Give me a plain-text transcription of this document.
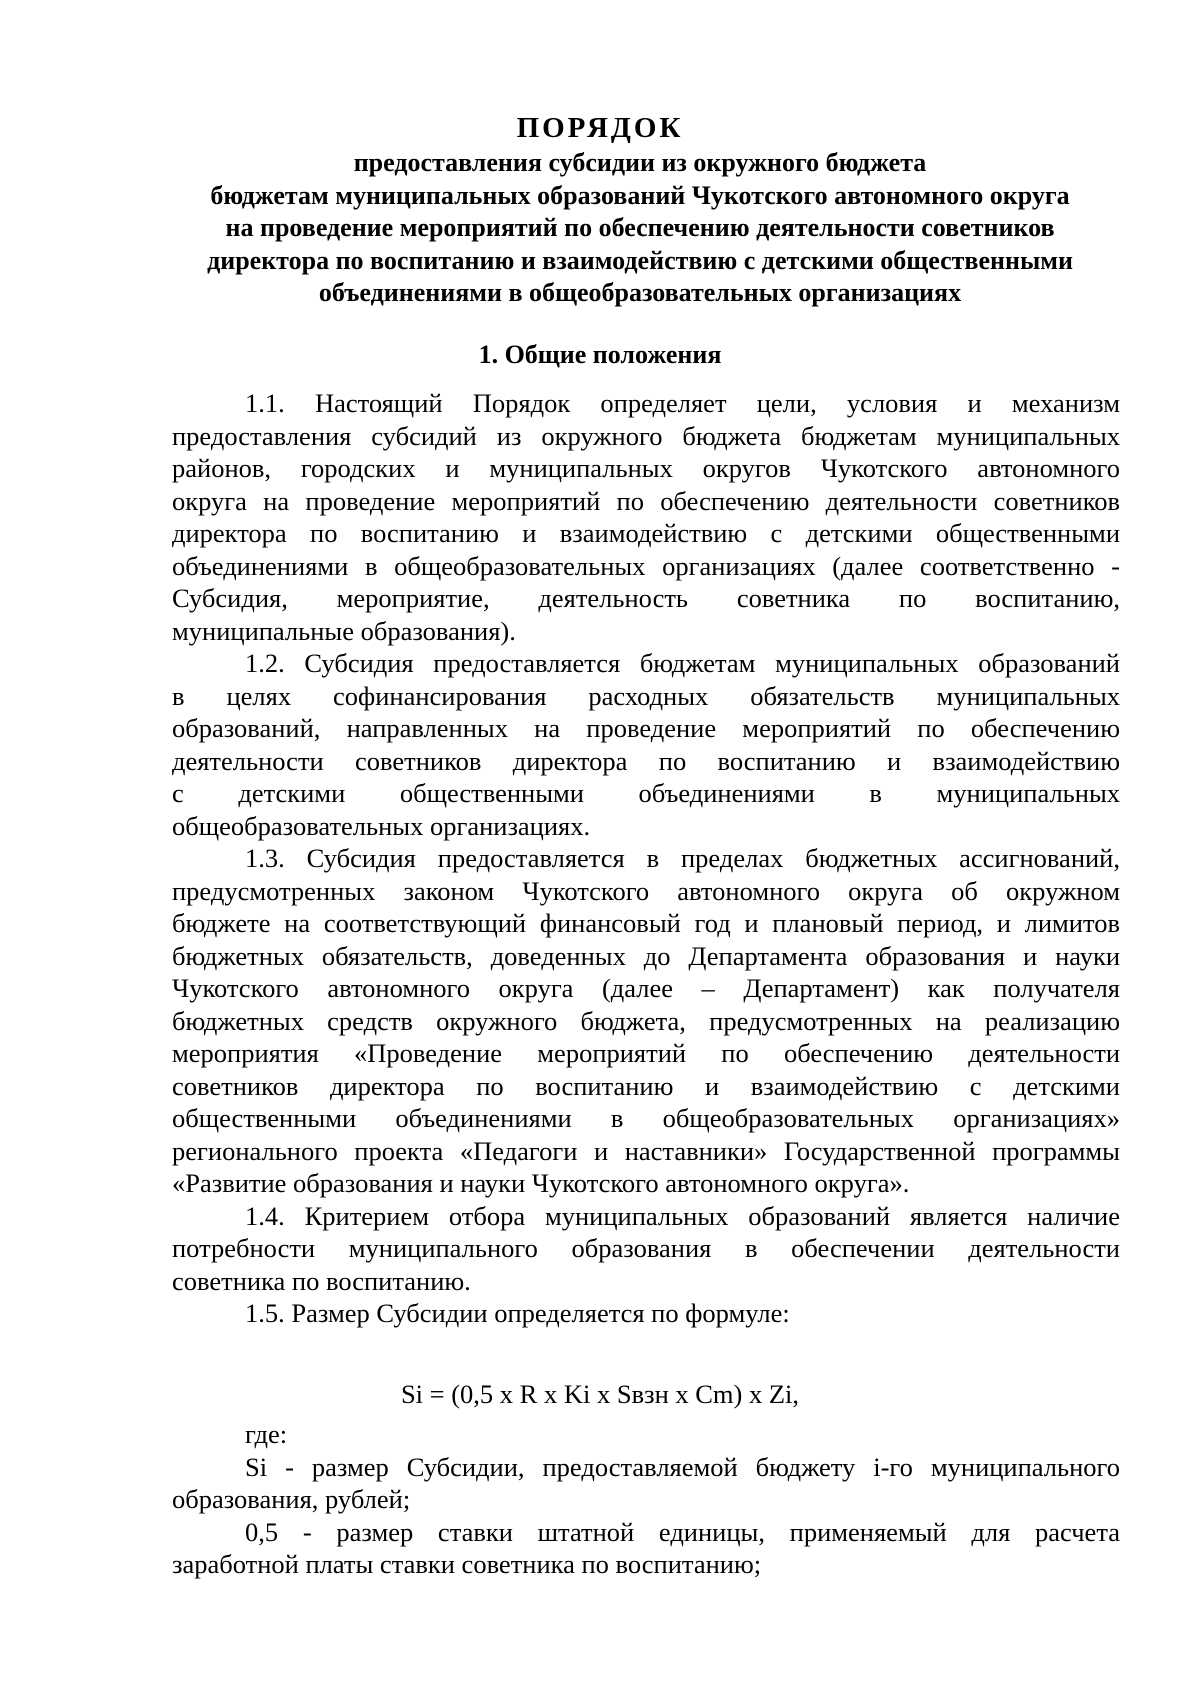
ПОРЯДОК
предоставления субсидии из окружного бюджета
бюджетам муниципальных образований Чукотского автономного округа
на проведение мероприятий по обеспечению деятельности советников
директора по воспитанию и взаимодействию с детскими общественными
объединениями в общеобразовательных организациях
1. Общие положения
1.1. Настоящий Порядок определяет цели, условия и механизм
предоставления субсидий из окружного бюджета бюджетам муниципальных
районов, городских и муниципальных округов Чукотского автономного
округа на проведение мероприятий по обеспечению деятельности советников
директора по воспитанию и взаимодействию с детскими общественными
объединениями в общеобразовательных организациях (далее соответственно -
Субсидия, мероприятие, деятельность советника по воспитанию,
муниципальные образования).
1.2. Субсидия предоставляется бюджетам муниципальных образований
в целях софинансирования расходных обязательств муниципальных
образований, направленных на проведение мероприятий по обеспечению
деятельности советников директора по воспитанию и взаимодействию
с детскими общественными объединениями в муниципальных
общеобразовательных организациях.
1.3. Субсидия предоставляется в пределах бюджетных ассигнований,
предусмотренных законом Чукотского автономного округа об окружном
бюджете на соответствующий финансовый год и плановый период, и лимитов
бюджетных обязательств, доведенных до Департамента образования и науки
Чукотского автономного округа (далее – Департамент) как получателя
бюджетных средств окружного бюджета, предусмотренных на реализацию
мероприятия «Проведение мероприятий по обеспечению деятельности
советников директора по воспитанию и взаимодействию с детскими
общественными объединениями в общеобразовательных организациях»
регионального проекта «Педагоги и наставники» Государственной программы
«Развитие образования и науки Чукотского автономного округа».
1.4. Критерием отбора муниципальных образований является наличие
потребности муниципального образования в обеспечении деятельности
советника по воспитанию.
1.5. Размер Субсидии определяется по формуле:

Si = (0,5 x R x Ki x Sвзн x Cm) x Zi,

где:
Si - размер Субсидии, предоставляемой бюджету i-го муниципального
образования, рублей;
0,5 - размер ставки штатной единицы, применяемый для расчета
заработной платы ставки советника по воспитанию;
